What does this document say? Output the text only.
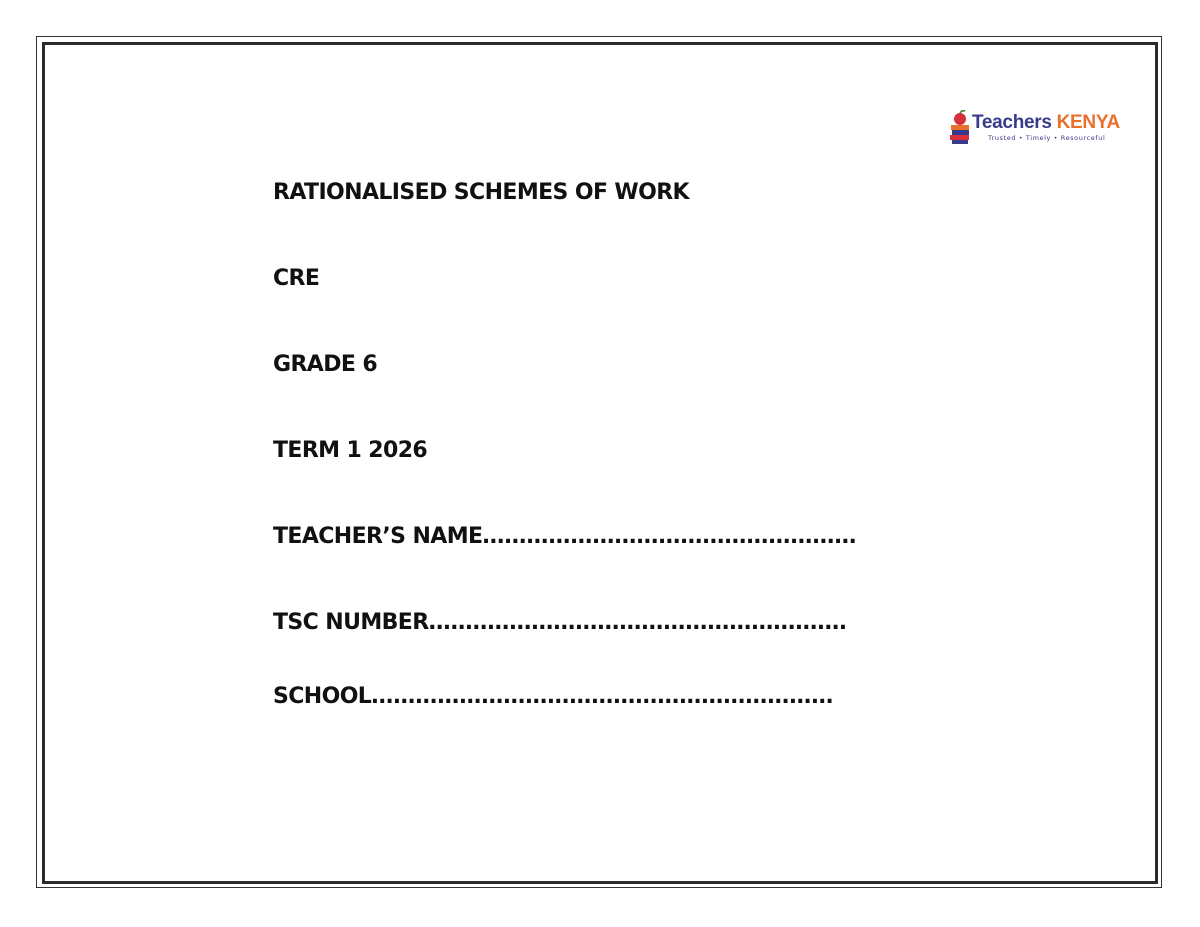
Teachers KENYA
Trusted • Timely • Resourceful
RATIONALISED SCHEMES OF WORK
CRE
GRADE 6
TERM 1 2026
TEACHER’S NAME……………………………………………
TSC NUMBER…………………………………………………
SCHOOL………………………………………………………
